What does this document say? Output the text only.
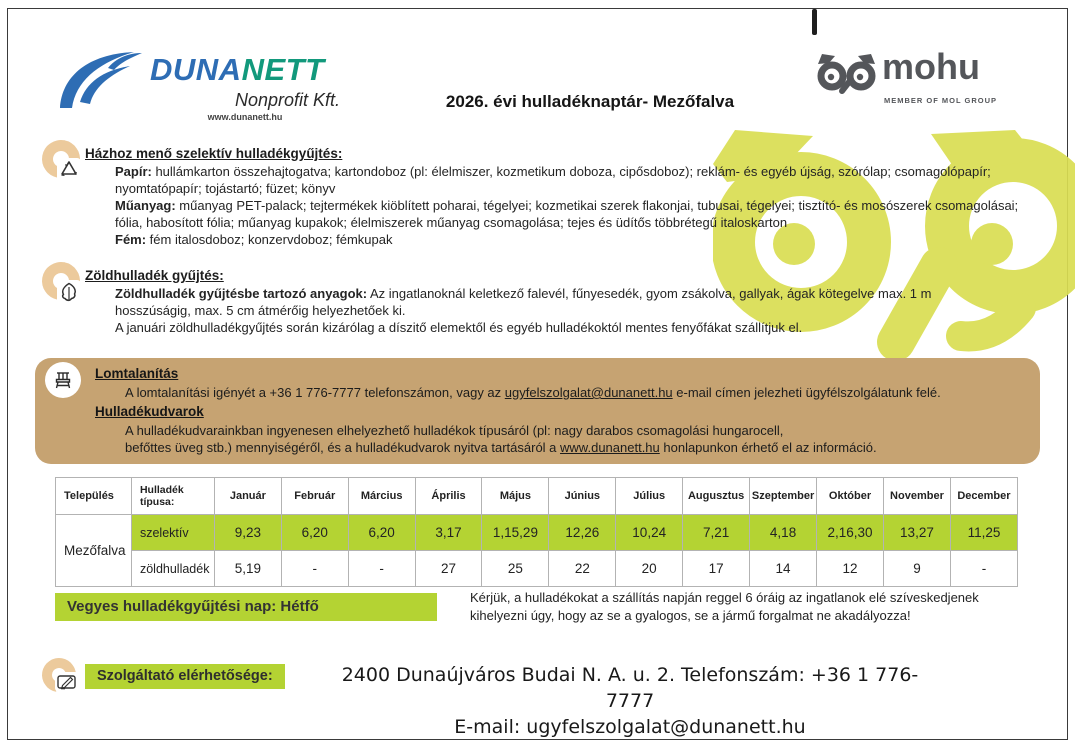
DUNANETT
Nonprofit Kft.
www.dunanett.hu
2026. évi hulladéknaptár- Mezőfalva
mohu
MEMBER OF MOL GROUP
Házhoz menő szelektív hulladékgyűjtés:
Papír: hullámkarton összehajtogatva; kartondoboz (pl: élelmiszer, kozmetikum doboza, cipősdoboz); reklám- és egyéb újság, szórólap; csomagolópapír; nyomtatópapír; tojástartó; füzet; könyv
Műanyag: műanyag PET-palack; tejtermékek kiöblített poharai, tégelyei; kozmetikai szerek flakonjai, tubusai, tégelyei; tisztító- és mosószerek csomagolásai; fólia, habosított fólia; műanyag kupakok; élelmiszerek műanyag csomagolása; tejes és üdítős többrétegű italoskarton
Fém: fém italosdoboz; konzervdoboz; fémkupak
Zöldhulladék gyűjtés:
Zöldhulladék gyűjtésbe tartozó anyagok: Az ingatlanoknál keletkező falevél, fűnyesedék, gyom zsákolva, gallyak, ágak kötegelve max. 1 m hosszúságig, max. 5 cm átmérőig helyezhetőek ki.
A januári zöldhulladékgyűjtés során kizárólag a díszitő elemektől és egyéb hulladékoktól mentes fenyőfákat szállítjuk el.
Lomtalanítás
A lomtalanítási igényét a +36 1 776-7777 telefonszámon, vagy az ugyfelszolgalat@dunanett.hu e-mail címen jelezheti ügyfélszolgálatunk felé.
Hulladékudvarok
A hulladékudvarainkban ingyenesen elhelyezhető hulladékok típusáról (pl: nagy darabos csomagolási hungarocell,
befőttes üveg stb.) mennyiségéről, és a hulladékudvarok nyitva tartásáról a www.dunanett.hu honlapunkon érhető el az információ.
Település	Hulladék típusa:	Január	Február	Március	Április	Május	Június	Július	Augusztus	Szeptember	Október	November	December
Mezőfalva	szelektív	9,23	6,20	6,20	3,17	1,15,29	12,26	10,24	7,21	4,18	2,16,30	13,27	11,25
	zöldhulladék	5,19	-	-	27	25	22	20	17	14	12	9	-
Vegyes hulladékgyűjtési nap: Hétfő
Kérjük, a hulladékokat a szállítás napján reggel 6 óráig az ingatlanok elé szíveskedjenek
kihelyezni úgy, hogy az se a gyalogos, se a jármű forgalmat ne akadályozza!
Szolgáltató elérhetősége:	2400 Dunaújváros Budai N. A. u. 2. Telefonszám: +36 1 776-7777
E-mail: ugyfelszolgalat@dunanett.hu
